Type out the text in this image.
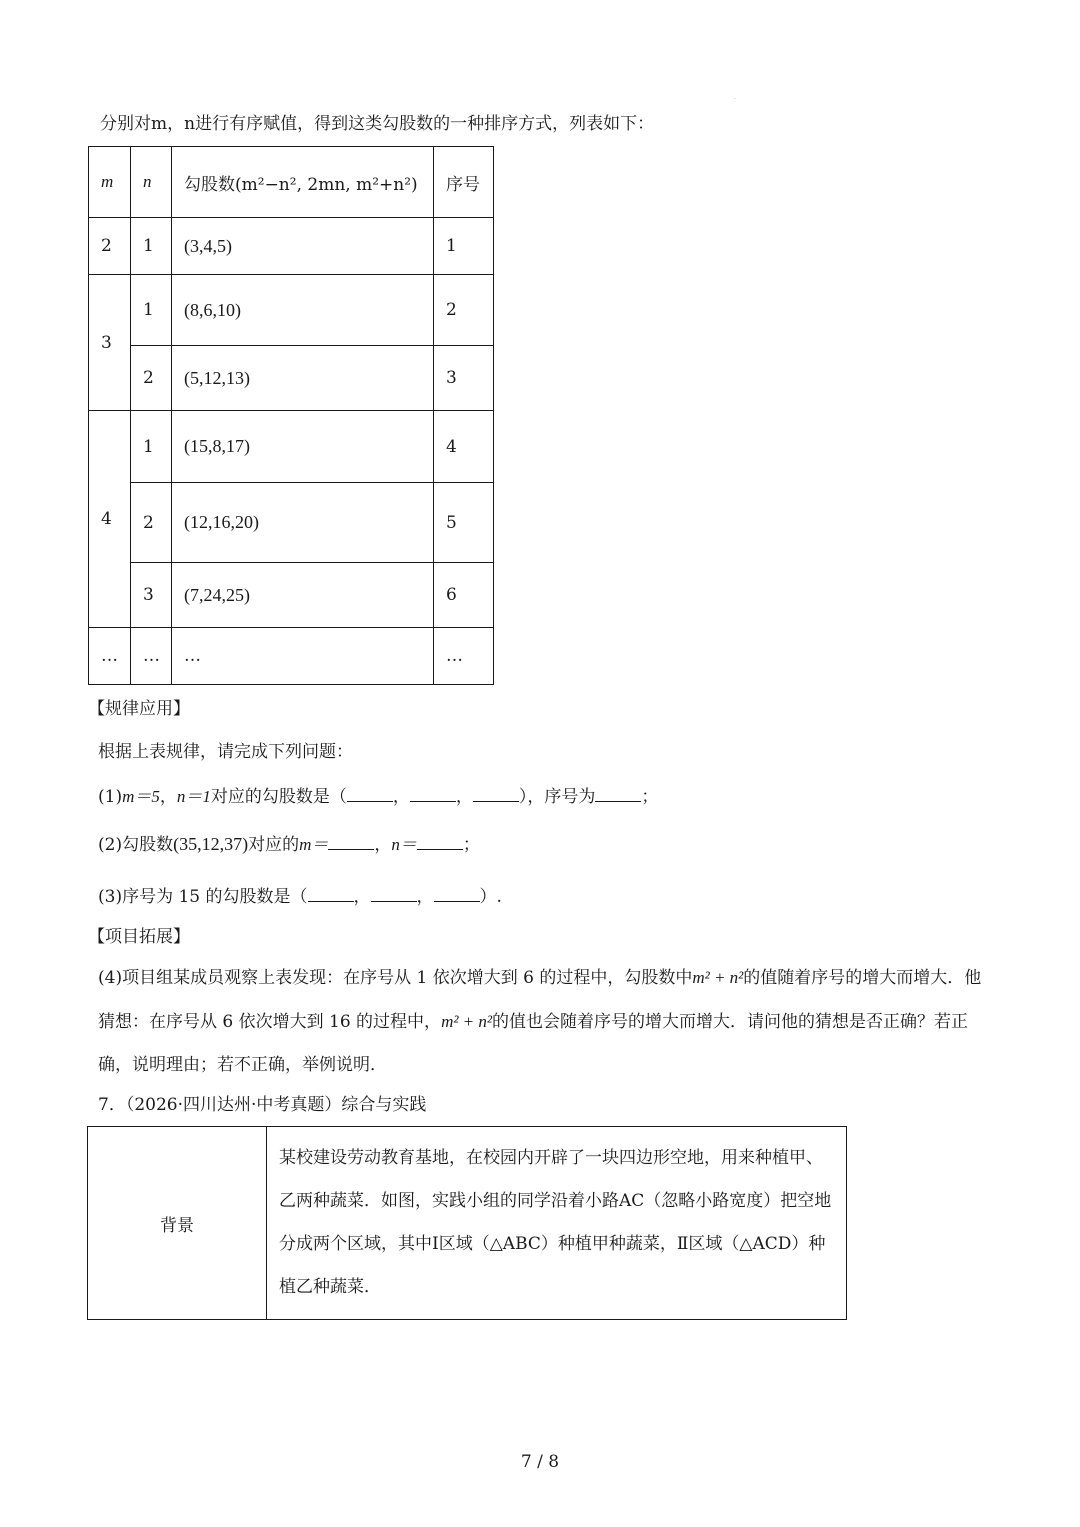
·
分别对m，n进行有序赋值，得到这类勾股数的一种排序方式，列表如下：
m	n	勾股数(m²−n², 2mn, m²+n²)	序号
2	1	(3,4,5)	1
3	1	(8,6,10)	2
	2	(5,12,13)	3
4	1	(15,8,17)	4
	2	(12,16,20)	5
	3	(7,24,25)	6
…	…	…	…
【规律应用】
根据上表规律，请完成下列问题：
(1)m＝5，n＝1对应的勾股数是（	，	，	），序号为	；
(2)勾股数(35,12,37)对应的m＝	，n＝	；
(3)序号为 15 的勾股数是（	，	，	）.
【项目拓展】
(4)项目组某成员观察上表发现：在序号从 1 依次增大到 6 的过程中，勾股数中m² + n²的值随着序号的增大而增大．他猜想：在序号从 6 依次增大到 16 的过程中，m² + n²的值也会随着序号的增大而增大．请问他的猜想是否正确？若正确，说明理由；若不正确，举例说明．
7．（2026·四川达州·中考真题）综合与实践
背景	某校建设劳动教育基地，在校园内开辟了一块四边形空地，用来种植甲、乙两种蔬菜．如图，实践小组的同学沿着小路AC（忽略小路宽度）把空地分成两个区域，其中Ⅰ区域（△ABC）种植甲种蔬菜，Ⅱ区域（△ACD）种植乙种蔬菜．
7 / 8
